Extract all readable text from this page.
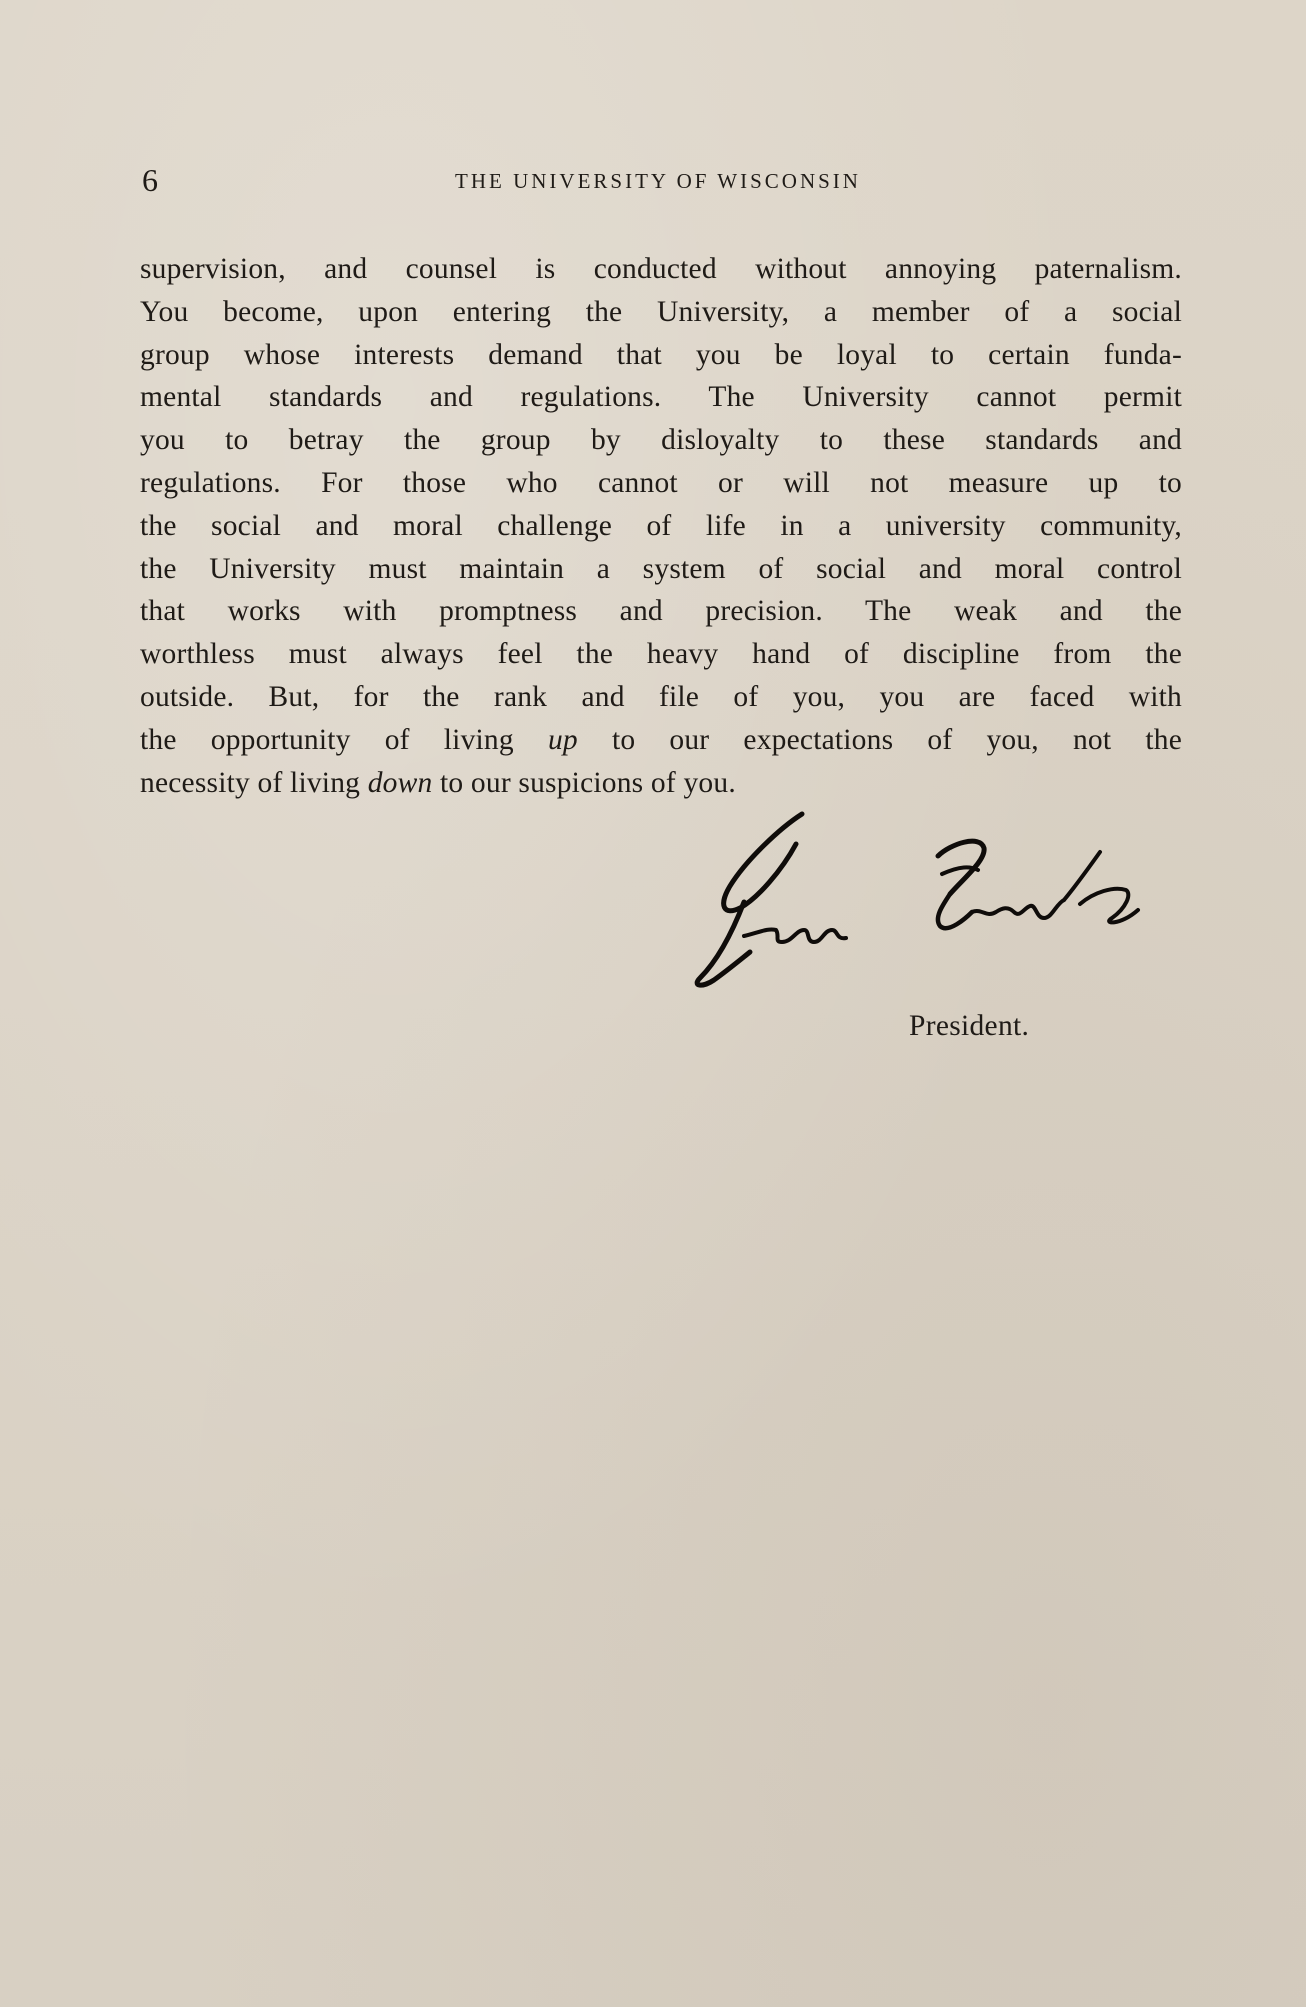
6	THE UNIVERSITY OF WISCONSIN
supervision, and counsel is conducted without annoying paternalism.
You become, upon entering the University, a member of a social
group whose interests demand that you be loyal to certain funda-
mental standards and regulations. The University cannot permit
you to betray the group by disloyalty to these standards and
regulations. For those who cannot or will not measure up to
the social and moral challenge of life in a university community,
the University must maintain a system of social and moral control
that works with promptness and precision. The weak and the
worthless must always feel the heavy hand of discipline from the
outside. But, for the rank and file of you, you are faced with
the opportunity of living up to our expectations of you, not the
necessity of living down to our suspicions of you.
President.
